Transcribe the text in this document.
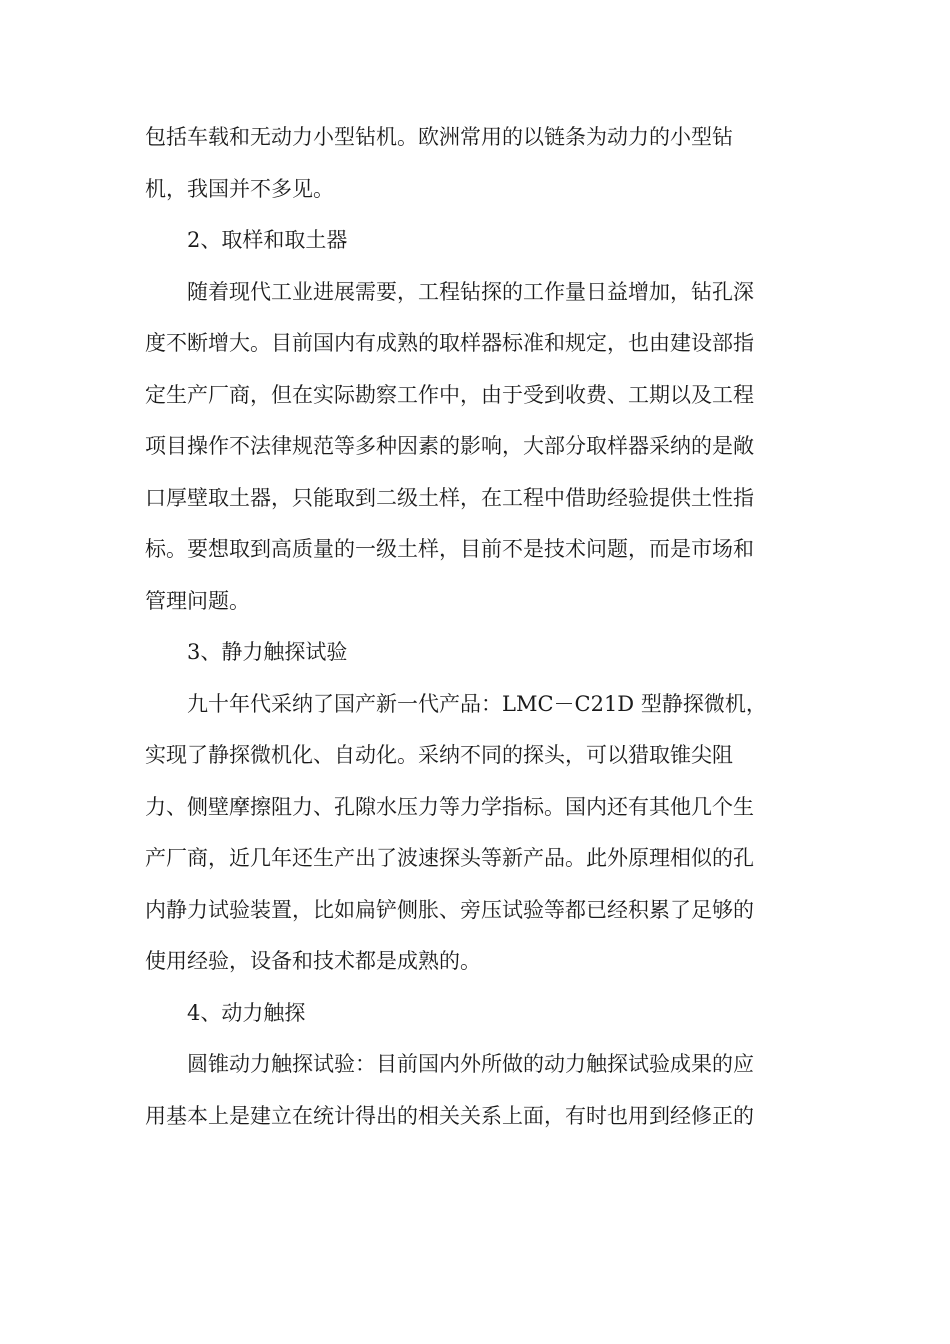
包括车载和无动力小型钻机。欧洲常用的以链条为动力的小型钻
机，我国并不多见。
2、取样和取土器
随着现代工业进展需要，工程钻探的工作量日益增加，钻孔深
度不断增大。目前国内有成熟的取样器标准和规定，也由建设部指
定生产厂商，但在实际勘察工作中，由于受到收费、工期以及工程
项目操作不法律规范等多种因素的影响，大部分取样器采纳的是敞
口厚壁取土器，只能取到二级土样，在工程中借助经验提供土性指
标。要想取到高质量的一级土样，目前不是技术问题，而是市场和
管理问题。
3、静力触探试验
九十年代采纳了国产新一代产品：LMC－C21D 型静探微机，
实现了静探微机化、自动化。采纳不同的探头，可以猎取锥尖阻
力、侧壁摩擦阻力、孔隙水压力等力学指标。国内还有其他几个生
产厂商，近几年还生产出了波速探头等新产品。此外原理相似的孔
内静力试验装置，比如扁铲侧胀、旁压试验等都已经积累了足够的
使用经验，设备和技术都是成熟的。
4、动力触探
圆锥动力触探试验：目前国内外所做的动力触探试验成果的应
用基本上是建立在统计得出的相关关系上面，有时也用到经修正的
